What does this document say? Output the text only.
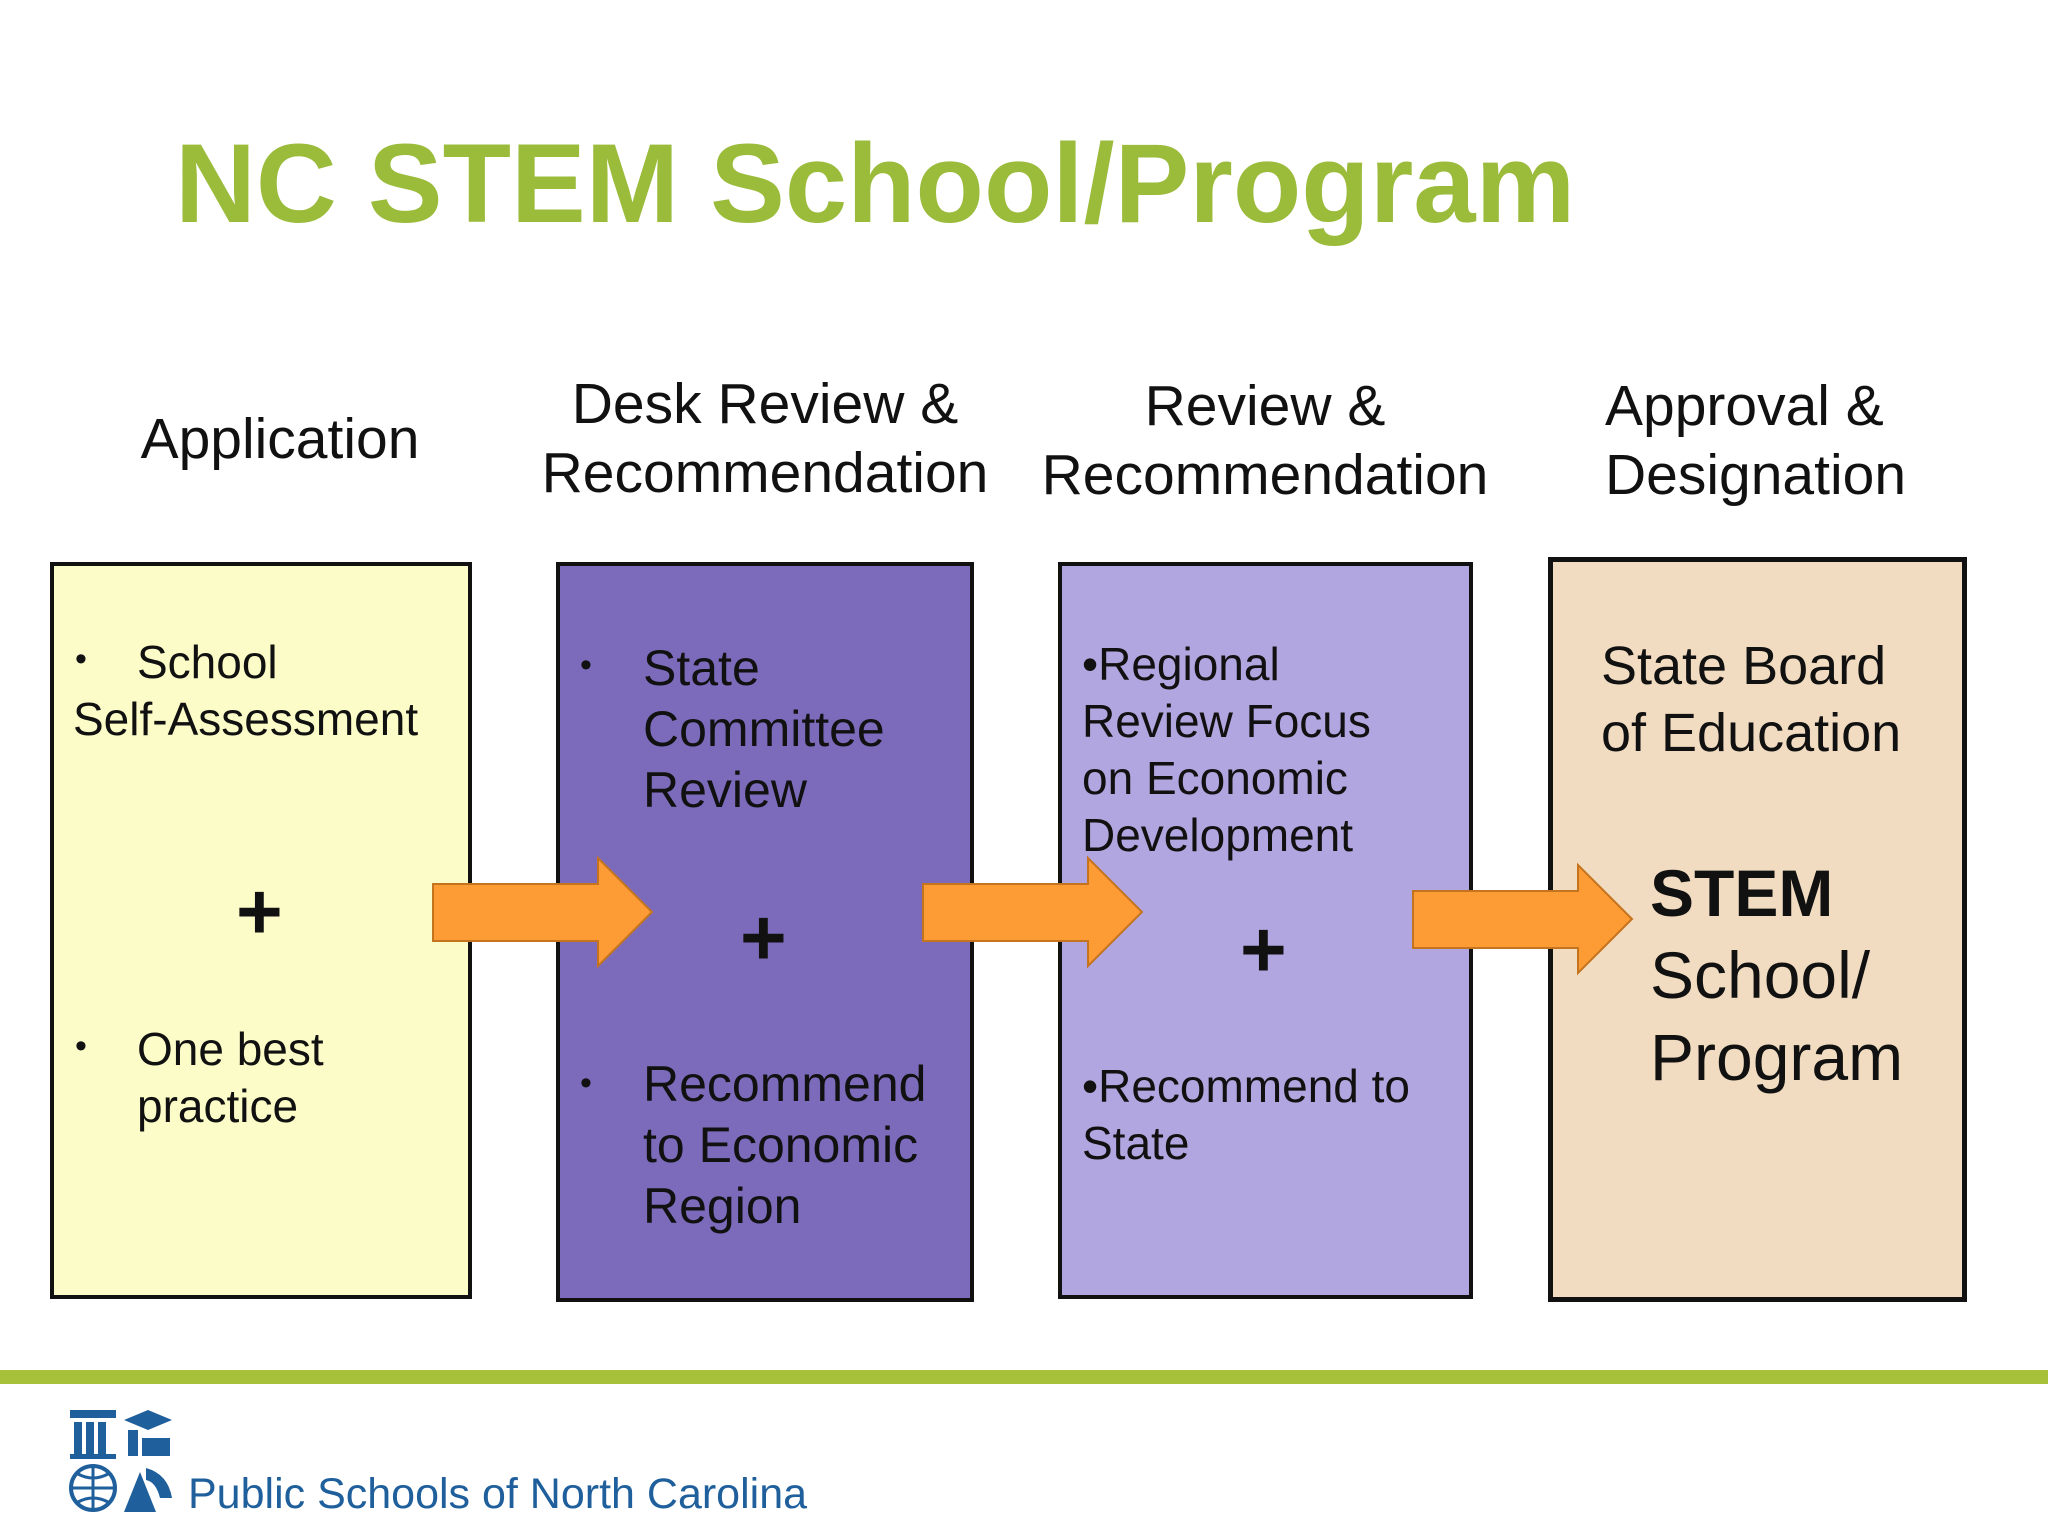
NC STEM School/Program
Application
Desk Review &
Recommendation
Review &
Recommendation
Approval &
Designation
• School
Self-Assessment
+
• One best
practice
• State
Committee
Review
+
• Recommend
to Economic
Region
•Regional
Review Focus
on Economic
Development
+
•Recommend to
State
State Board
of Education
STEM
School/
Program
Public Schools of North Carolina
